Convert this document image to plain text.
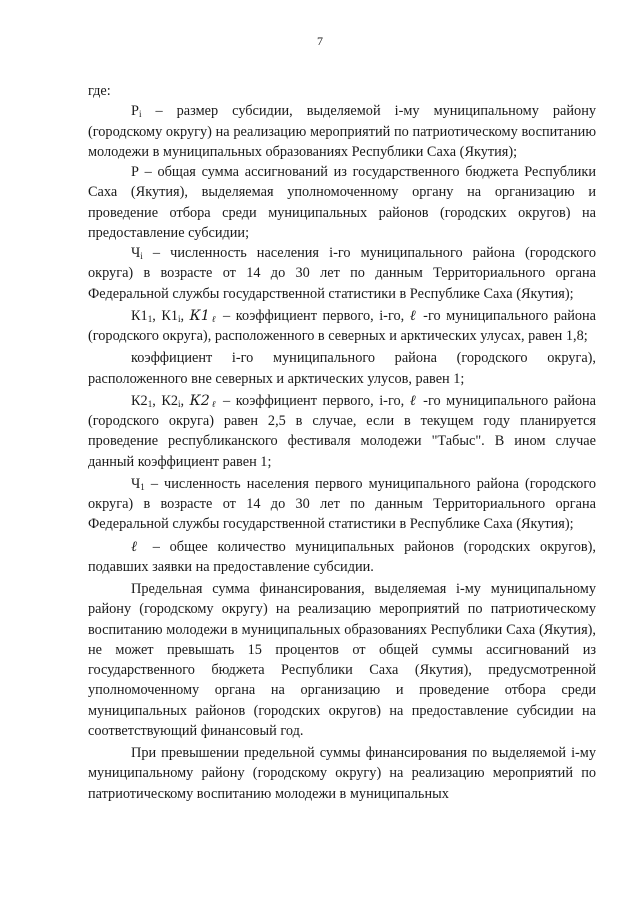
7

где:

$P_i$ – размер субсидии, выделяемой i-му муниципальному району (городскому округу) на реализацию мероприятий по патриотическому воспитанию молодежи в муниципальных образованиях Республики Саха (Якутия);

Р – общая сумма ассигнований из государственного бюджета Республики Саха (Якутия), выделяемая уполномоченному органу на организацию и проведение отбора среди муниципальных районов (городских округов) на предоставление субсидии;

$Ч_i$ – численность населения i-го муниципального района (городского округа) в возрасте от 14 до 30 лет по данным Территориального органа Федеральной службы государственной статистики в Республике Саха (Якутия);

$К1_1$, $К1_i$, $К1_\ell$ – коэффициент первого, i-го, ℓ -го муниципального района (городского округа), расположенного в северных и арктических улусах, равен 1,8;

коэффициент i-го муниципального района (городского округа), расположенного вне северных и арктических улусов, равен 1;

$К2_1$, $К2_i$, $К2_\ell$ – коэффициент первого, i-го, ℓ -го муниципального района (городского округа) равен 2,5 в случае, если в текущем году планируется проведение республиканского фестиваля молодежи "Табыс". В ином случае данный коэффициент равен 1;

$Ч_1$ – численность населения первого муниципального района (городского округа) в возрасте от 14 до 30 лет по данным Территориального органа Федеральной службы государственной статистики в Республике Саха (Якутия);

ℓ – общее количество муниципальных районов (городских округов), подавших заявки на предоставление субсидии.

Предельная сумма финансирования, выделяемая i-му муниципальному району (городскому округу) на реализацию мероприятий по патриотическому воспитанию молодежи в муниципальных образованиях Республики Саха (Якутия), не может превышать 15 процентов от общей суммы ассигнований из государственного бюджета Республики Саха (Якутия), предусмотренной уполномоченному органа на организацию и проведение отбора среди муниципальных районов (городских округов) на предоставление субсидии на соответствующий финансовый год.

При превышении предельной суммы финансирования по выделяемой i-му муниципальному району (городскому округу) на реализацию мероприятий по патриотическому воспитанию молодежи в муниципальных
